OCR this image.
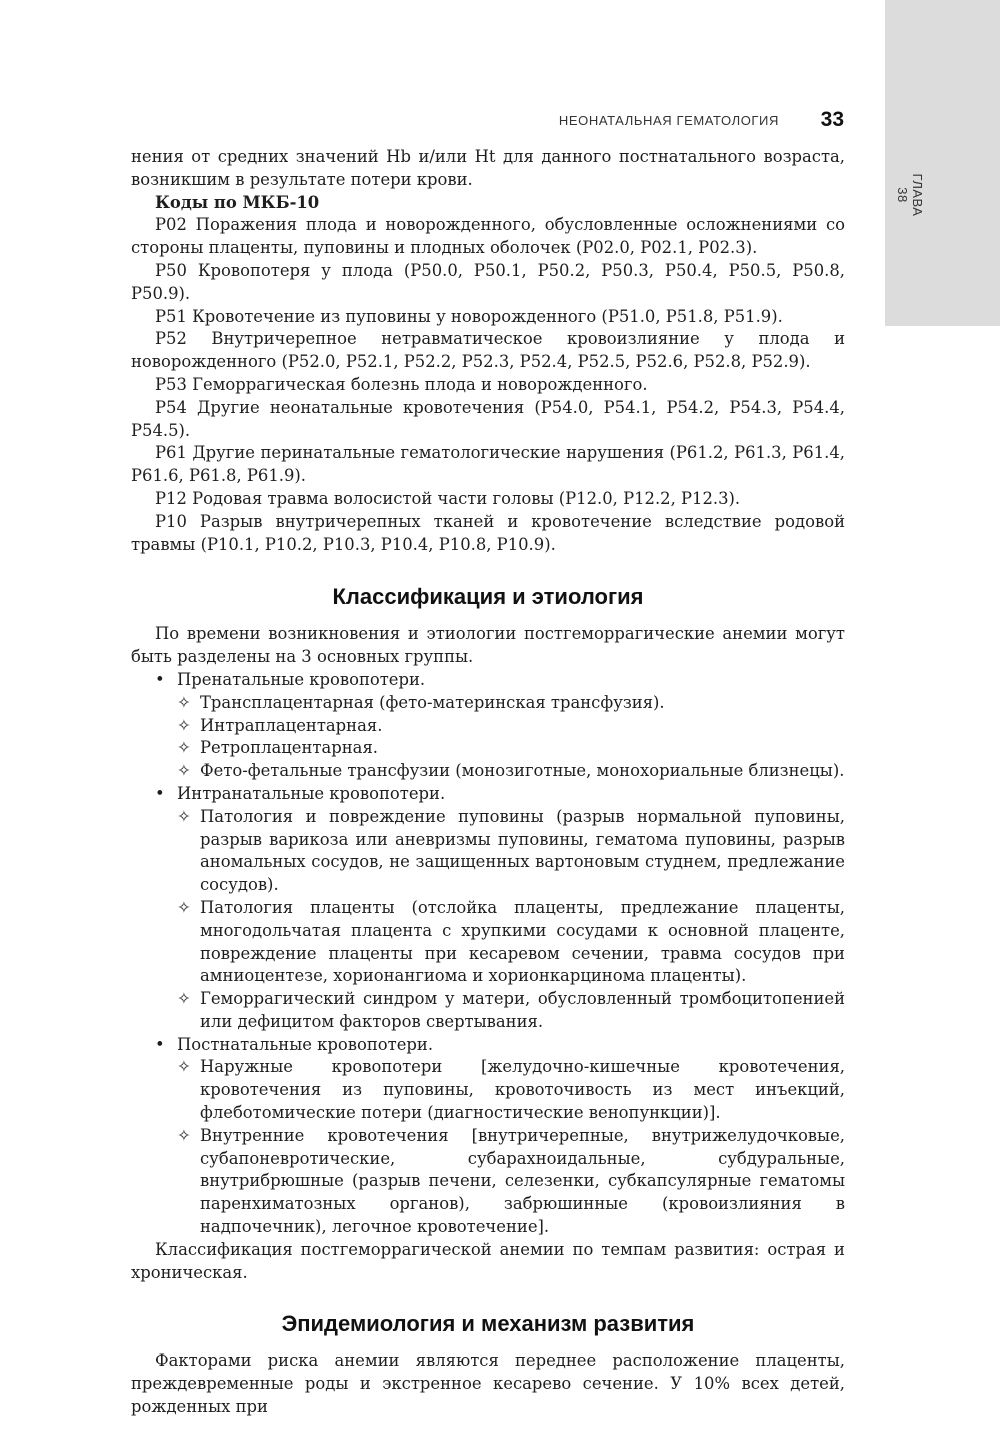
ГЛАВА 38
НЕОНАТАЛЬНАЯ ГЕМАТОЛОГИЯ 33

нения от средних значений Hb и/или Ht для данного постнатального возраста, возникшим в результате потери крови.

Коды по МКБ-10

P02 Поражения плода и новорожденного, обусловленные осложнениями со стороны плаценты, пуповины и плодных оболочек (P02.0, P02.1, P02.3).

P50 Кровопотеря у плода (P50.0, P50.1, P50.2, P50.3, P50.4, P50.5, P50.8, P50.9).

P51 Кровотечение из пуповины у новорожденного (P51.0, P51.8, P51.9).

P52 Внутричерепное нетравматическое кровоизлияние у плода и новорожденного (P52.0, P52.1, P52.2, P52.3, P52.4, P52.5, P52.6, P52.8, P52.9).

P53 Геморрагическая болезнь плода и новорожденного.

P54 Другие неонатальные кровотечения (P54.0, P54.1, P54.2, P54.3, P54.4, P54.5).

P61 Другие перинатальные гематологические нарушения (P61.2, P61.3, P61.4, P61.6, P61.8, P61.9).

P12 Родовая травма волосистой части головы (P12.0, P12.2, P12.3).

P10 Разрыв внутричерепных тканей и кровотечение вследствие родовой травмы (P10.1, P10.2, P10.3, P10.4, P10.8, P10.9).

Классификация и этиология

По времени возникновения и этиологии постгеморрагические анемии могут быть разделены на 3 основных группы.

• Пренатальные кровопотери.
✧ Трансплацентарная (фето-материнская трансфузия).
✧ Интраплацентарная.
✧ Ретроплацентарная.
✧ Фето-фетальные трансфузии (монозиготные, монохориальные близнецы).
• Интранатальные кровопотери.
✧ Патология и повреждение пуповины (разрыв нормальной пуповины, разрыв варикоза или аневризмы пуповины, гематома пуповины, разрыв аномальных сосудов, не защищенных вартоновым студнем, предлежание сосудов).
✧ Патология плаценты (отслойка плаценты, предлежание плаценты, многодольчатая плацента с хрупкими сосудами к основной плаценте, повреждение плаценты при кесаревом сечении, травма сосудов при амниоцентезе, хорионангиома и хорионкарцинома плаценты).
✧ Геморрагический синдром у матери, обусловленный тромбоцитопенией или дефицитом факторов свертывания.
• Постнатальные кровопотери.
✧ Наружные кровопотери [желудочно-кишечные кровотечения, кровотечения из пуповины, кровоточивость из мест инъекций, флеботомические потери (диагностические венопункции)].
✧ Внутренние кровотечения [внутричерепные, внутрижелудочковые, субапоневротические, субарахноидальные, субдуральные, внутрибрюшные (разрыв печени, селезенки, субкапсулярные гематомы паренхиматозных органов), забрюшинные (кровоизлияния в надпочечник), легочное кровотечение].

Классификация постгеморрагической анемии по темпам развития: острая и хроническая.

Эпидемиология и механизм развития

Факторами риска анемии являются переднее расположение плаценты, преждевременные роды и экстренное кесарево сечение. У 10% всех детей, рожденных при
